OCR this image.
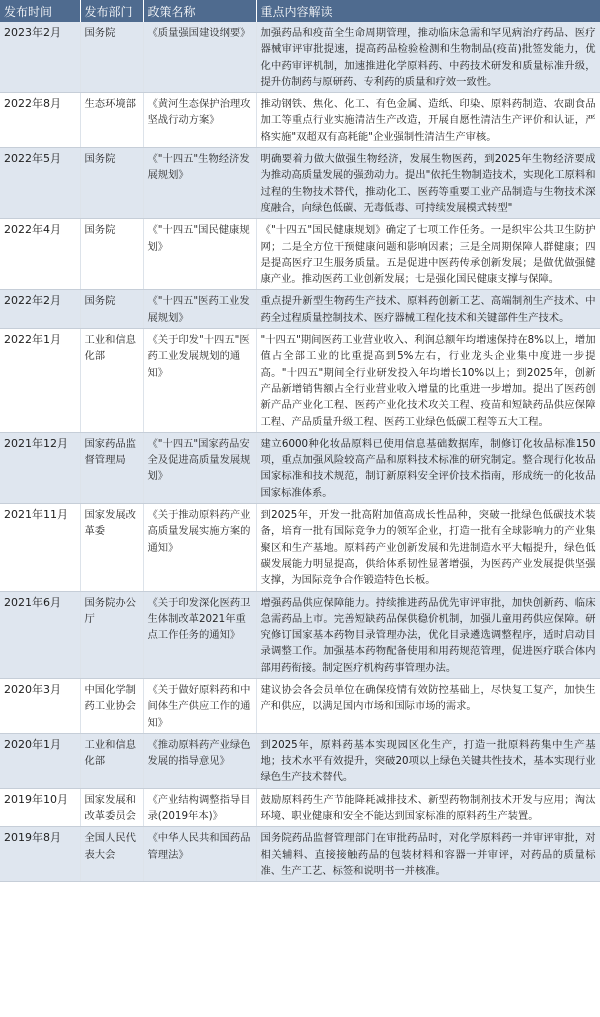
发布时间	发布部门	政策名称	重点内容解读
2023年2月	国务院	《质量强国建设纲要》	加强药品和疫苗全生命周期管理，推动临床急需和罕见病治疗药品、医疗器械审评审批提速，提高药品检验检测和生物制品(疫苗)批签发能力，优化中药审评机制，加速推进化学原料药、中药技术研发和质量标准升级，提升仿制药与原研药、专利药的质量和疗效一致性。
2022年8月	生态环境部	《黄河生态保护治理攻坚战行动方案》	推动钢铁、焦化、化工、有色金属、造纸、印染、原料药制造、农副食品加工等重点行业实施清洁生产改造，开展自愿性清洁生产评价和认证，严格实施"双超双有高耗能"企业强制性清洁生产审核。
2022年5月	国务院	《"十四五"生物经济发展规划》	明确要着力做大做强生物经济，发展生物医药，到2025年生物经济要成为推动高质量发展的强劲动力。提出"依托生物制造技术，实现化工原料和过程的生物技术替代，推动化工、医药等重要工业产品制造与生物技术深度融合，向绿色低碳、无毒低毒、可持续发展模式转型"
2022年4月	国务院	《"十四五"国民健康规划》	《"十四五"国民健康规划》确定了七项工作任务。一是织牢公共卫生防护网；二是全方位干预健康问题和影响因素；三是全周期保障人群健康；四是提高医疗卫生服务质量。五是促进中医药传承创新发展；是做优做强健康产业。推动医药工业创新发展；七是强化国民健康支撑与保障。
2022年2月	国务院	《"十四五"医药工业发展规划》	重点提升新型生物药生产技术、原料药创新工艺、高端制剂生产技术、中药全过程质量控制技术、医疗器械工程化技术和关键部件生产技术。
2022年1月	工业和信息化部	《关于印发"十四五"医药工业发展规划的通知》	"十四五"期间医药工业营业收入、利润总额年均增速保持在8%以上，增加值占全部工业的比重提高到5%左右，行业龙头企业集中度进一步提高。"十四五"期间全行业研发投入年均增长10%以上；到2025年，创新产品新增销售额占全行业营业收入增量的比重进一步增加。提出了医药创新产品产业化工程、医药产业化技术攻关工程、疫苗和短缺药品供应保障工程、产品质量升级工程、医药工业绿色低碳工程等五大工程。
2021年12月	国家药品监督管理局	《"十四五"国家药品安全及促进高质量发展规划》	建立6000种化妆品原料已使用信息基础数据库，制修订化妆品标准150项，重点加强风险较高产品和原料技术标准的研究制定。整合现行化妆品国家标准和技术规范，制订新原料安全评价技术指南，形成统一的化妆品国家标准体系。
2021年11月	国家发展改革委	《关于推动原料药产业高质量发展实施方案的通知》	到2025年，开发一批高附加值高成长性品种，突破一批绿色低碳技术装备，培育一批有国际竞争力的领军企业，打造一批有全球影响力的产业集聚区和生产基地。原料药产业创新发展和先进制造水平大幅提升，绿色低碳发展能力明显提高，供给体系韧性显著增强，为医药产业发展提供坚强支撑，为国际竞争合作锻造特色长板。
2021年6月	国务院办公厅	《关于印发深化医药卫生体制改革2021年重点工作任务的通知》	增强药品供应保障能力。持续推进药品优先审评审批，加快创新药、临床急需药品上市。完善短缺药品保供稳价机制，加强儿童用药供应保障。研究修订国家基本药物目录管理办法，优化目录遴选调整程序，适时启动目录调整工作。加强基本药物配备使用和用药规范管理，促进医疗联合体内部用药衔接。制定医疗机构药事管理办法。
2020年3月	中国化学制药工业协会	《关于做好原料药和中间体生产供应工作的通知》	建议协会各会员单位在确保疫情有效防控基础上，尽快复工复产，加快生产和供应，以满足国内市场和国际市场的需求。
2020年1月	工业和信息化部	《推动原料药产业绿色发展的指导意见》	到2025年，原料药基本实现园区化生产，打造一批原料药集中生产基地；技术水平有效提升，突破20项以上绿色关键共性技术，基本实现行业绿色生产技术替代。
2019年10月	国家发展和改革委员会	《产业结构调整指导目录(2019年本)》	鼓励原料药生产节能降耗减排技术、新型药物制剂技术开发与应用；淘汰环境、职业健康和安全不能达到国家标准的原料药生产装置。
2019年8月	全国人民代表大会	《中华人民共和国药品管理法》	国务院药品监督管理部门在审批药品时，对化学原料药一并审评审批，对相关辅料、直接接触药品的包装材料和容器一并审评，对药品的质量标准、生产工艺、标签和说明书一并核准。
